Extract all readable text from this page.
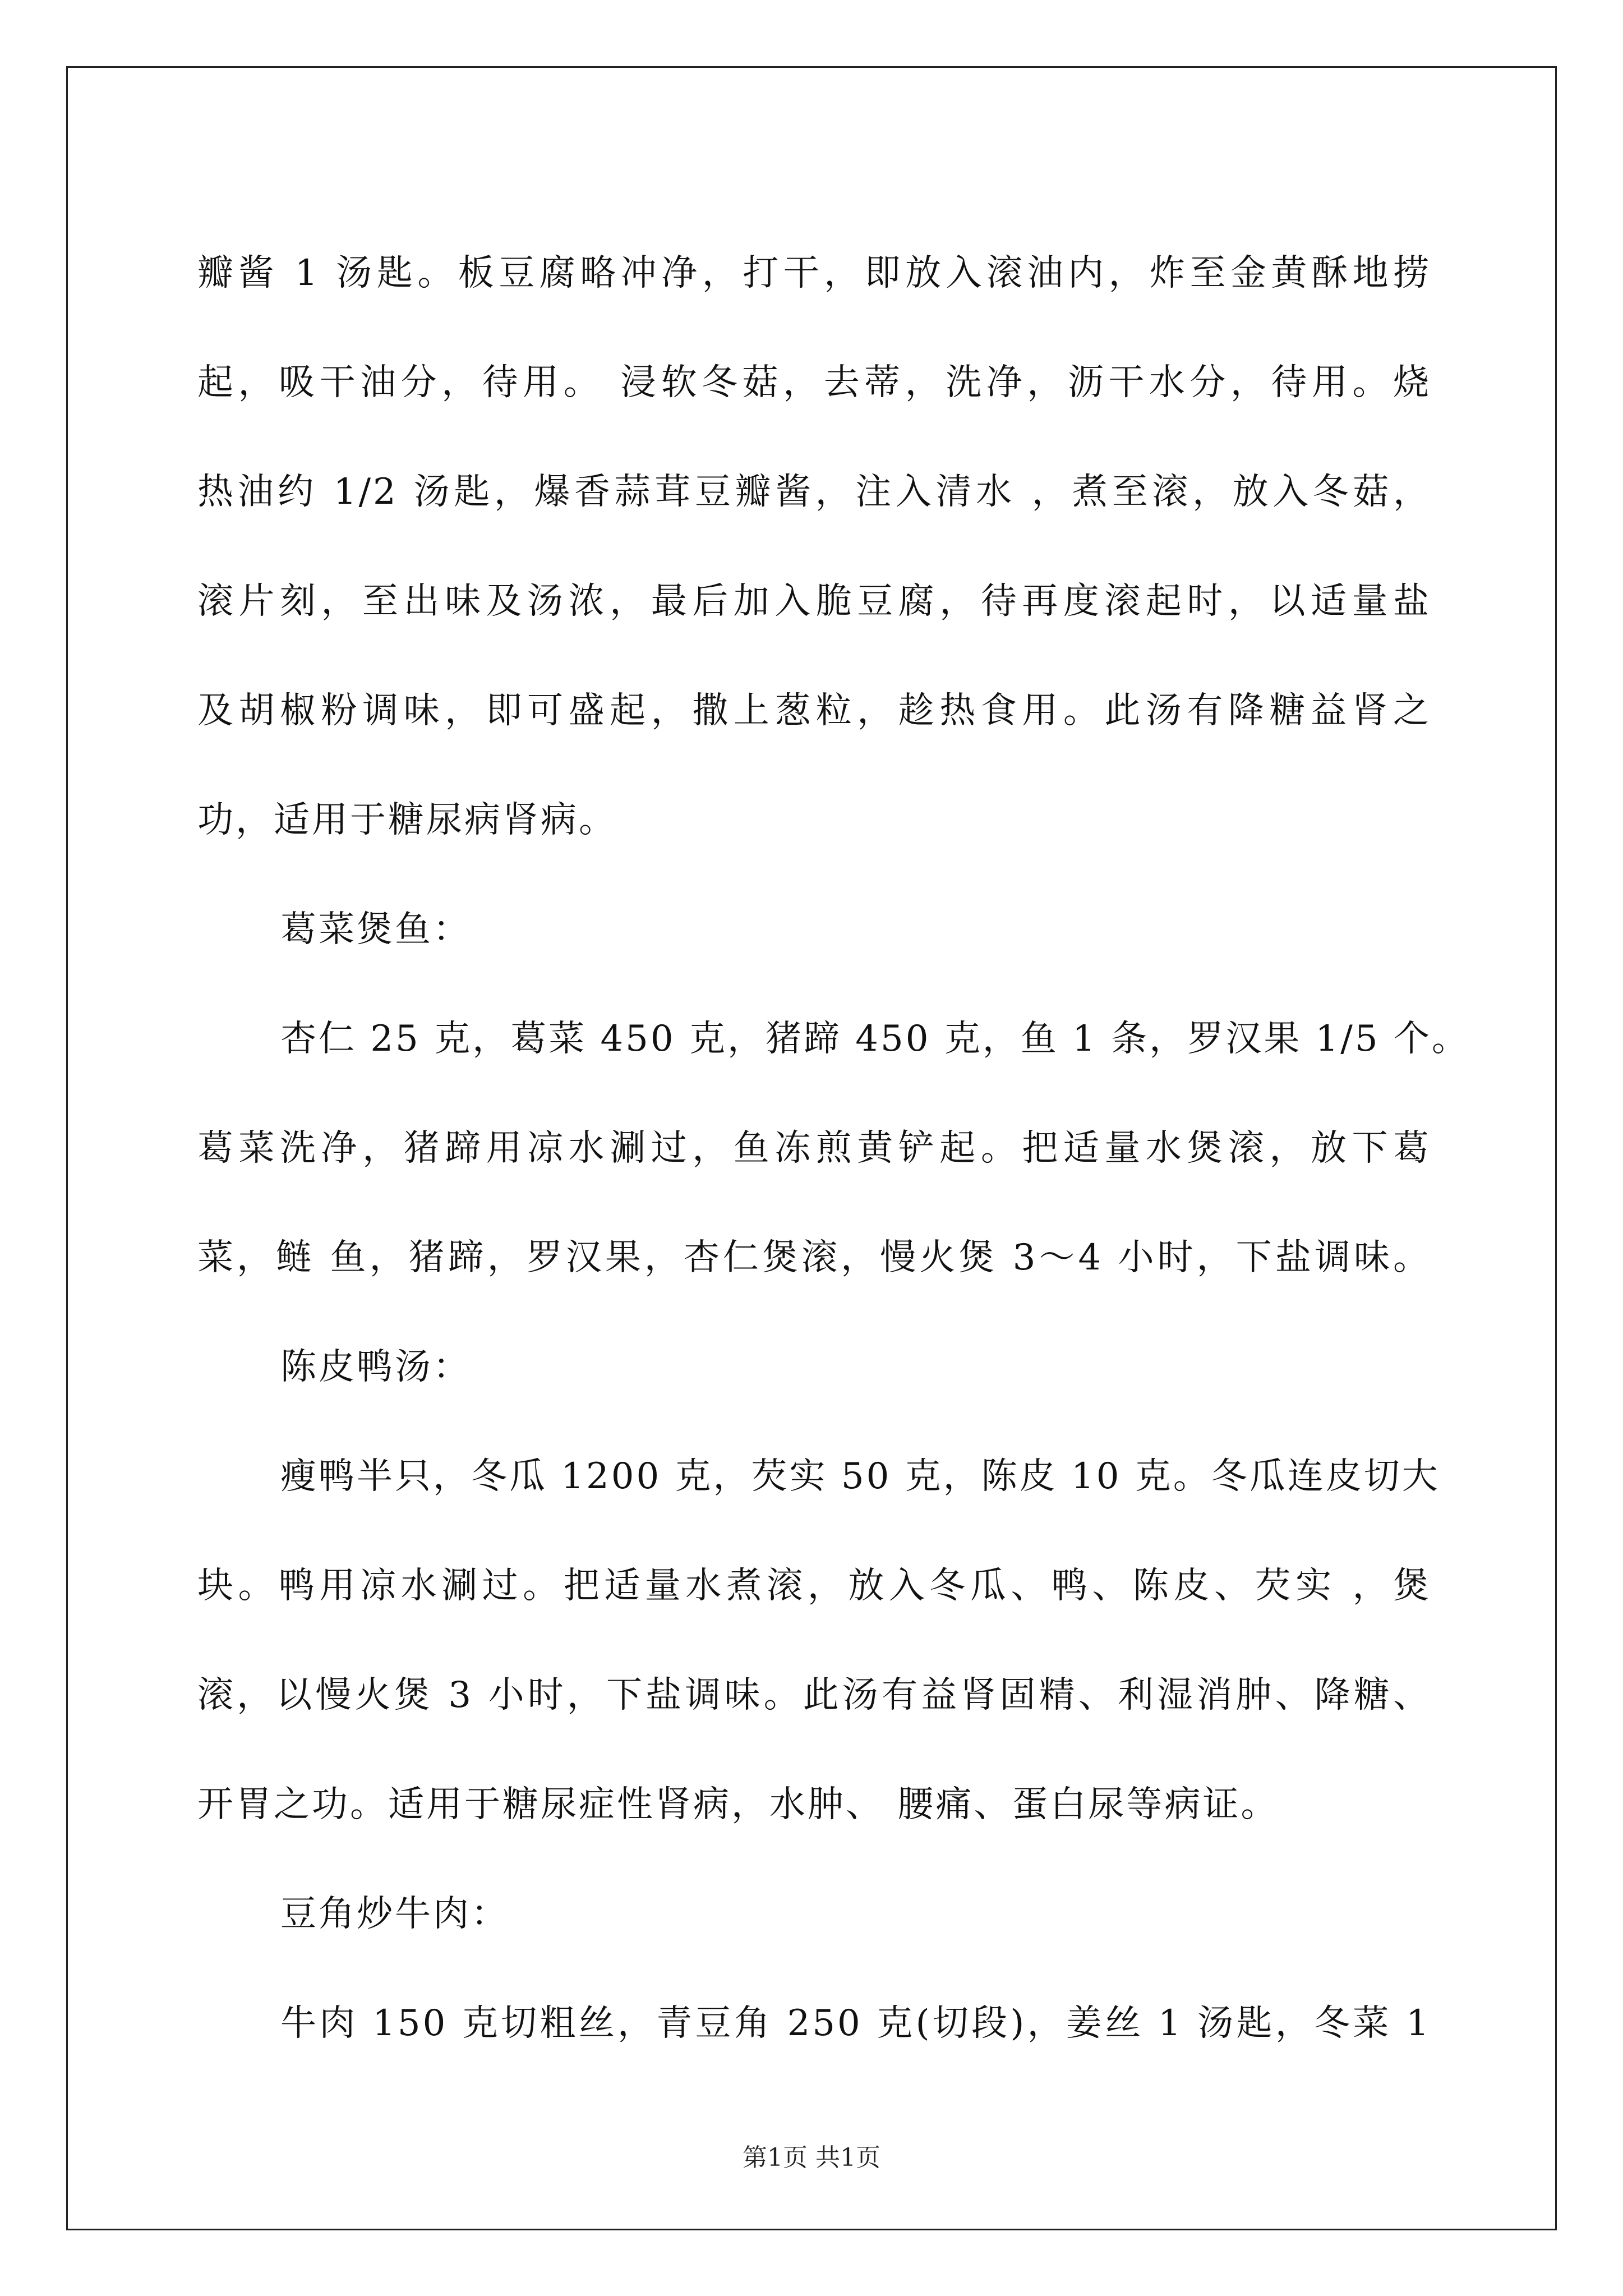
瓣酱 1 汤匙。板豆腐略冲净，打干，即放入滚油内，炸至金黄酥地捞
起，吸干油分，待用。 浸软冬菇，去蒂，洗净，沥干水分，待用。烧
热油约 1/2 汤匙，爆香蒜茸豆瓣酱，注入清水 ，煮至滚，放入冬菇，
滚片刻，至出味及汤浓，最后加入脆豆腐，待再度滚起时，以适量盐
及胡椒粉调味，即可盛起，撒上葱粒，趁热食用。此汤有降糖益肾之
功，适用于糖尿病肾病。
葛菜煲鱼：
杏仁 25 克，葛菜 450 克，猪蹄 450 克，鱼 1 条，罗汉果 1/5 个。
葛菜洗净，猪蹄用凉水涮过，鱼冻煎黄铲起。把适量水煲滚，放下葛
菜，鲢 鱼，猪蹄，罗汉果，杏仁煲滚，慢火煲 3～4 小时，下盐调味。
陈皮鸭汤：
瘦鸭半只，冬瓜 1200 克，芡实 50 克，陈皮 10 克。冬瓜连皮切大
块。鸭用凉水涮过。把适量水煮滚，放入冬瓜、鸭、陈皮、芡实 ，煲
滚，以慢火煲 3 小时，下盐调味。此汤有益肾固精、利湿消肿、降糖、
开胃之功。适用于糖尿症性肾病，水肿、 腰痛、蛋白尿等病证。
豆角炒牛肉：
牛肉 150 克切粗丝，青豆角 250 克(切段)，姜丝 1 汤匙，冬菜 1
第1页 共1页
